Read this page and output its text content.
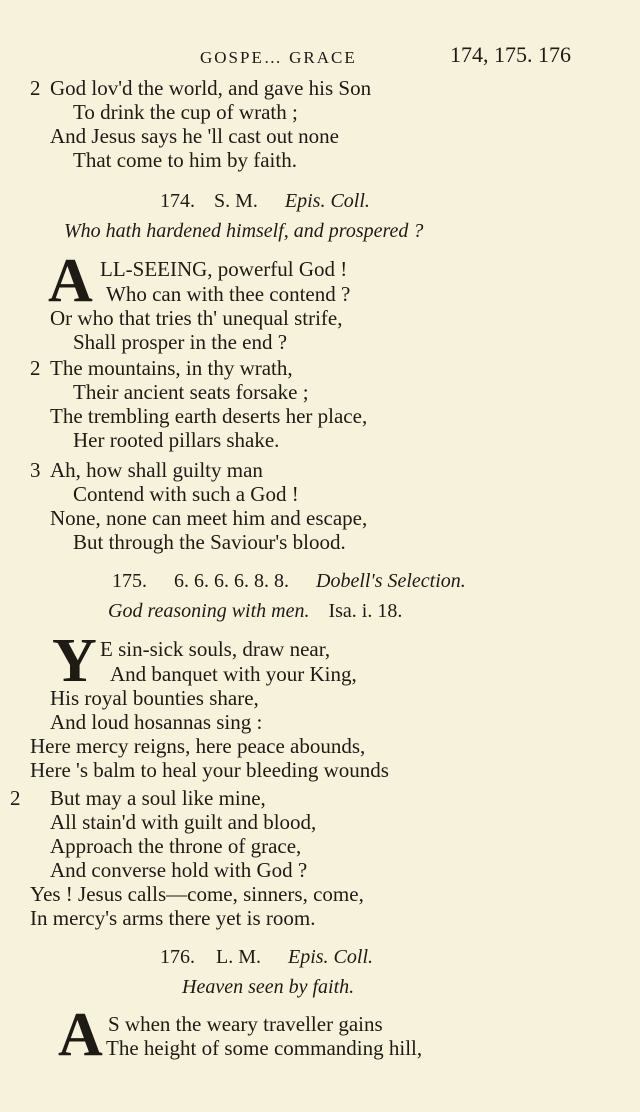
GOSPE… GRACE	174, 175. 176
2 God lov'd the world, and gave his Son
To drink the cup of wrath ;
And Jesus says he 'll cast out none
That come to him by faith.
174. S. M. Epis. Coll.
Who hath hardened himself, and prospered ?
A LL-SEEING, powerful God !
Who can with thee contend ?
Or who that tries th' unequal strife,
Shall prosper in the end ?
2 The mountains, in thy wrath,
Their ancient seats forsake ;
The trembling earth deserts her place,
Her rooted pillars shake.
3 Ah, how shall guilty man
Contend with such a God !
None, none can meet him and escape,
But through the Saviour's blood.
175. 6. 6. 6. 6. 8. 8. Dobell's Selection.
God reasoning with men. Isa. i. 18.
Y E sin-sick souls, draw near,
And banquet with your King,
His royal bounties share,
And loud hosannas sing :
Here mercy reigns, here peace abounds,
Here 's balm to heal your bleeding wounds
2 But may a soul like mine,
All stain'd with guilt and blood,
Approach the throne of grace,
And converse hold with God ?
Yes ! Jesus calls—come, sinners, come,
In mercy's arms there yet is room.
176. L. M. Epis. Coll.
Heaven seen by faith.
A S when the weary traveller gains
The height of some commanding hill,
